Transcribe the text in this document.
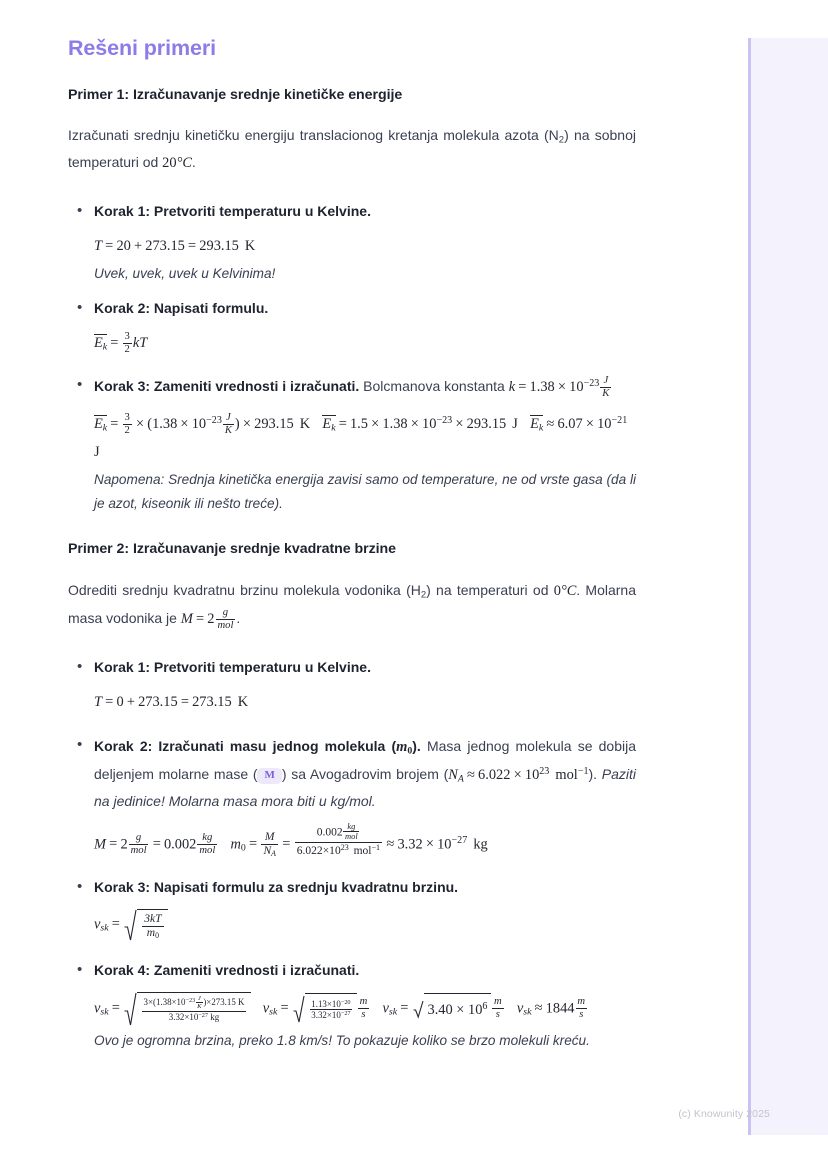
Rešeni primeri
Primer 1: Izračunavanje srednje kinetičke energije

Izračunati srednju kinetičku energiju translacionog kretanja molekula azota (N2) na sobnoj temperaturi od 20°C.

• Korak 1: Pretvoriti temperaturu u Kelvine.
T = 20 + 273.15 = 293.15 K
Uvek, uvek, uvek u Kelvinima!
• Korak 2: Napisati formulu.
$E_k = \frac{3}{2}$ kT
• Korak 3: Zameniti vrednosti i izračunati. Bolcmanova konstanta $k = 1.38 \times 10^{-23} \frac{J}{K}$
$E_k = \frac{3}{2} \times (1.38 \times 10^{-23} \frac{J}{K}$ ) × 293.15 K $E_k = 1.5 \times 1.38 \times 10^{-23} \times 293.15$ J $E_k \approx 6.07 \times 10^{-21}J$
Napomena: Srednja kinetička energija zavisi samo od temperature, ne od vrste gasa (da li je azot, kiseonik ili nešto treće).
Primer 2: Izračunavanje srednje kvadratne brzine

Odrediti srednju kvadratnu brzinu molekula vodonika (H2) na temperaturi od 0°C. Molarna masa vodonika je $M = 2 \frac{g}{\text{mol}}$ .

• Korak 1: Pretvoriti temperaturu u Kelvine.
T = 0 + 273.15 = 273.15 K
• Korak 2: Izračunati masu jednog molekula (m0). Masa jednog molekula se dobija deljenjem molarne mase ( M ) sa Avogadrovim brojem ($N_A \approx 6.022 \times 10^{23}$ mol$^{-1}$). Paziti na jedinice! Molarna masa mora biti u kg/mol.
$M = 2 \frac{g}{\text{mol}} = 0.002 \frac{kg}{\text{mol}} m0 = \frac{M}{N_A} = \frac{0.002 \frac{kg}{\text{mol}}}{6.022\times 10^{23} mol^{-1}} \approx 3.32 \times 10^{-27}$ kg
• Korak 3: Napisati formulu za srednju kvadratnu brzinu.
$v_{sk} = \frac{3kT}{m0}$
• Korak 4: Zameniti vrednosti i izračunati.
$v_{sk} = \frac{3\times(1.38\times 10^{-23} \frac{J}{K} )\times 273.15 K}{3.32\times 10^{-27} kg} v_{sk} = \frac{1.13\times 10^{-20}}{3.32\times 10^{-27}} \frac{m}{s} v_{sk} = 3.40 \times 10^6 \frac{m}{s} v_{sk} \approx 1844 \frac{m}{s}$
Ovo je ogromna brzina, preko 1.8 km/s! To pokazuje koliko se brzo molekuli kreću.
(c) Knowunity 2025
